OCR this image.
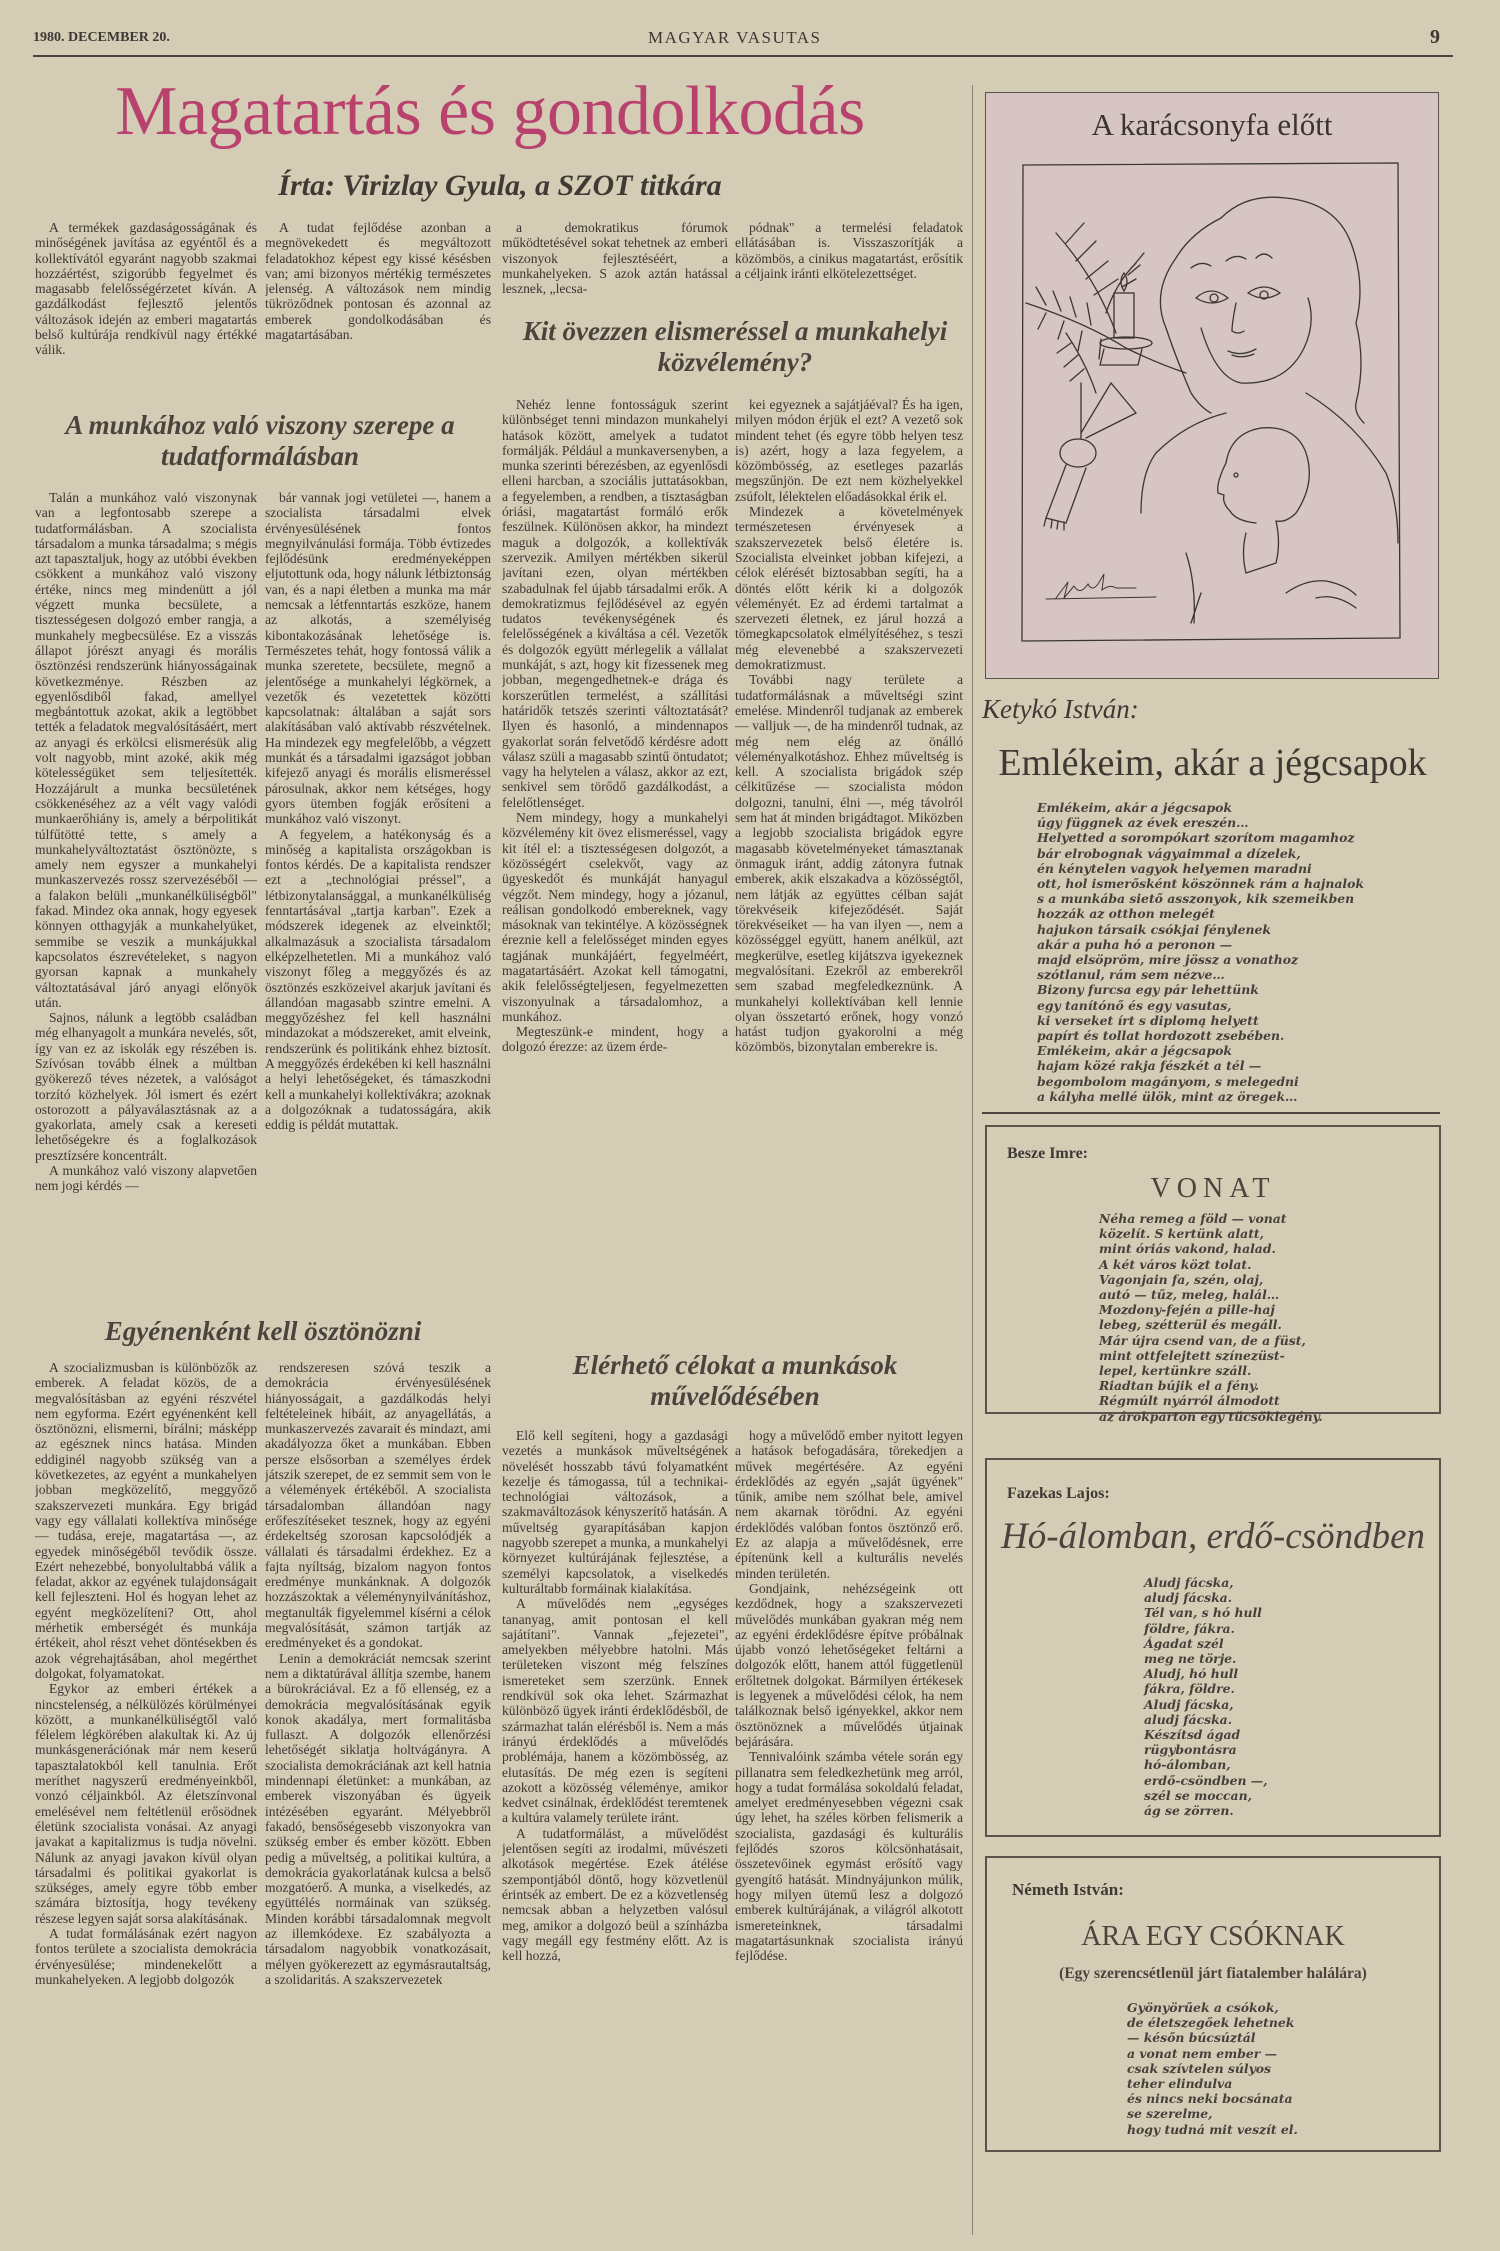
1980. DECEMBER 20.	MAGYAR VASUTAS	9
Magatartás és gondolkodás
Írta: Virizlay Gyula, a SZOT titkára

A termékek gazdaságosságának és minőségének javítása az egyéntől és a kollektívától egyaránt nagyobb szakmai hozzáértést, szigorúbb fegyelmet és magasabb felelősségérzetet kíván. A gazdálkodást fejlesztő jelentős változások idején az emberi magatartás belső kultúrája rendkívül nagy értékké válik.

A tudat fejlődése azonban a megnövekedett és megváltozott feladatokhoz képest egy kissé késésben van; ami bizonyos mértékig természetes jelenség. A változások nem mindig tükröződnek pontosan és azonnal az emberek gondolkodásában és magatartásában.

a demokratikus fórumok működtetésével sokat tehetnek az emberi viszonyok fejlesztéséért, a munkahelyeken. S azok aztán hatással lesznek, „lecsa-

pódnak" a termelési feladatok ellátásában is. Visszaszorítják a közömbös, a cinikus magatartást, erősítik a céljaink iránti elkötelezettséget.

A munkához való viszony szerepe a tudatformálásban

Talán a munkához való viszonynak van a legfontosabb szerepe a tudatformálásban. A szocialista társadalom a munka társadalma; s mégis azt tapasztaljuk, hogy az utóbbi években csökkent a munkához való viszony értéke, nincs meg mindenütt a jól végzett munka becsülete, a tisztességesen dolgozó ember rangja, a munkahely megbecsülése. Ez a visszás állapot jórészt anyagi és morális ösztönzési rendszerünk hiányosságainak következménye. Részben az egyenlősdiből fakad, amellyel megbántottuk azokat, akik a legtöbbet tették a feladatok megvalósításáért, mert az anyagi és erkölcsi elismerésük alig volt nagyobb, mint azoké, akik még kötelességüket sem teljesítették. Hozzájárult a munka becsületének csökkenéséhez az a vélt vagy valódi munkaerőhiány is, amely a bérpolitikát túlfűtötté tette, s amely a munkahelyváltoztatást ösztönözte, s amely nem egyszer a munkahelyi munkaszervezés rossz szervezéséből — a falakon belüli „munkanélküliségből" fakad. Mindez oka annak, hogy egyesek könnyen otthagyják a munkahelyüket, semmibe se veszik a munkájukkal kapcsolatos észrevételeket, s nagyon gyorsan kapnak a munkahely változtatásával járó anyagi előnyök után.

Sajnos, nálunk a legtöbb családban még elhanyagolt a munkára nevelés, sőt, így van ez az iskolák egy részében is. Szívósan tovább élnek a múltban gyökerező téves nézetek, a valóságot torzító közhelyek. Jól ismert és ezért ostorozott a pályaválasztásnak az a gyakorlata, amely csak a kereseti lehetőségekre és a foglalkozások presztízsére koncentrált.

A munkához való viszony alapvetően nem jogi kérdés —

bár vannak jogi vetületei —, hanem a szocialista társadalmi elvek érvényesülésének fontos megnyilvánulási formája. Több évtizedes fejlődésünk eredményeképpen eljutottunk oda, hogy nálunk létbiztonság van, és a napi életben a munka ma már nemcsak a létfenntartás eszköze, hanem az alkotás, a személyiség kibontakozásának lehetősége is. Természetes tehát, hogy fontossá válik a munka szeretete, becsülete, megnő a jelentősége a munkahelyi légkörnek, a vezetők és vezetettek közötti kapcsolatnak: általában a saját sors alakításában való aktívabb részvételnek. Ha mindezek egy megfelelőbb, a végzett munkát és a társadalmi igazságot jobban kifejező anyagi és morális elismeréssel párosulnak, akkor nem kétséges, hogy gyors ütemben fogják erősíteni a munkához való viszonyt.

A fegyelem, a hatékonyság és a minőség a kapitalista országokban is fontos kérdés. De a kapitalista rendszer ezt a „technológiai préssel", a létbizonytalansággal, a munkanélküliség fenntartásával „tartja karban". Ezek a módszerek idegenek az elveinktől; alkalmazásuk a szocialista társadalom elképzelhetetlen. Mi a munkához való viszonyt főleg a meggyőzés és az ösztönzés eszközeivel akarjuk javítani és állandóan magasabb szintre emelni. A meggyőzéshez fel kell használni mindazokat a módszereket, amit elveink, rendszerünk és politikánk ehhez biztosít. A meggyőzés érdekében ki kell használni a helyi lehetőségeket, és támaszkodni kell a munkahelyi kollektívákra; azoknak a dolgozóknak a tudatosságára, akik eddig is példát mutattak.

Kit övezzen elismeréssel a munkahelyi közvélemény?

Nehéz lenne fontosságuk szerint különbséget tenni mindazon munkahelyi hatások között, amelyek a tudatot formálják. Például a munkaversenyben, a munka szerinti bérezésben, az egyenlősdi elleni harcban, a szociális juttatásokban, a fegyelemben, a rendben, a tisztaságban óriási, magatartást formáló erők feszülnek. Különösen akkor, ha mindezt maguk a dolgozók, a kollektívák szervezik. Amilyen mértékben sikerül javítani ezen, olyan mértékben szabadulnak fel újabb társadalmi erők. A demokratizmus fejlődésével az egyén tudatos tevékenységének és felelősségének a kiváltása a cél. Vezetők és dolgozók együtt mérlegelik a vállalat munkáját, s azt, hogy kit fizessenek meg jobban, megengedhetnek-e drága és korszerűtlen termelést, a szállítási határidők tetszés szerinti változtatását? Ilyen és hasonló, a mindennapos gyakorlat során felvetődő kérdésre adott válasz szüli a magasabb szintű öntudatot; vagy ha helytelen a válasz, akkor az ezt, senkivel sem törődő gazdálkodást, a felelőtlenséget.

Nem mindegy, hogy a munkahelyi közvélemény kit övez elismeréssel, vagy kit ítél el: a tisztességesen dolgozót, a közösségért cselekvőt, vagy az ügyeskedőt és munkáját hanyagul végzőt. Nem mindegy, hogy a józanul, reálisan gondolkodó embereknek, vagy másoknak van tekintélye. A közösségnek éreznie kell a felelősséget minden egyes tagjának munkájáért, fegyelméért, magatartásáért. Azokat kell támogatni, akik felelősségteljesen, fegyelmezetten viszonyulnak a társadalomhoz, a munkához.

Megteszünk-e mindent, hogy a dolgozó érezze: az üzem érde-

kei egyeznek a sajátjáéval? És ha igen, milyen módon érjük el ezt? A vezető sok mindent tehet (és egyre több helyen tesz is) azért, hogy a laza fegyelem, a közömbösség, az esetleges pazarlás megszűnjön. De ezt nem közhelyekkel zsúfolt, lélektelen előadásokkal érik el.

Mindezek a követelmények természetesen érvényesek a szakszervezetek belső életére is. Szocialista elveinket jobban kifejezi, a célok elérését biztosabban segíti, ha a döntés előtt kérik ki a dolgozók véleményét. Ez ad érdemi tartalmat a szervezeti életnek, ez járul hozzá a tömegkapcsolatok elmélyítéséhez, s teszi még elevenebbé a szakszervezeti demokratizmust.

További nagy területe a tudatformálásnak a műveltségi szint emelése. Mindenről tudjanak az emberek — valljuk —, de ha mindenről tudnak, az még nem elég az önálló véleményalkotáshoz. Ehhez műveltség is kell. A szocialista brigádok szép célkitűzése — szocialista módon dolgozni, tanulni, élni —, még távolról sem hat át minden brigádtagot. Miközben a legjobb szocialista brigádok egyre magasabb követelményeket támasztanak önmaguk iránt, addig zátonyra futnak emberek, akik elszakadva a közösségtől, nem látják az együttes célban saját törekvéseik kifejeződését. Saját törekvéseiket — ha van ilyen —, nem a közösséggel együtt, hanem anélkül, azt megkerülve, esetleg kijátszva igyekeznek megvalósítani. Ezekről az emberekről sem szabad megfeledkeznünk. A munkahelyi kollektívában kell lennie olyan összetartó erőnek, hogy vonzó hatást tudjon gyakorolni a még közömbös, bizonytalan emberekre is.

Egyénenként kell ösztönözni

A szocializmusban is különbözők az emberek. A feladat közös, de a megvalósításban az egyéni részvétel nem egyforma. Ezért egyénenként kell ösztönözni, elismerni, bírálni; másképp az egésznek nincs hatása. Minden eddiginél nagyobb szükség van a következetes, az egyént a munkahelyen jobban megközelítő, meggyőző szakszervezeti munkára. Egy brigád vagy egy vállalati kollektíva minősége — tudása, ereje, magatartása —, az egyedek minőségéből tevődik össze. Ezért nehezebbé, bonyolultabbá válik a feladat, akkor az egyének tulajdonságait kell fejleszteni. Hol és hogyan lehet az egyént megközelíteni? Ott, ahol mérhetik emberségét és munkája értékeit, ahol részt vehet döntésekben és azok végrehajtásában, ahol megérthet dolgokat, folyamatokat.

Egykor az emberi értékek a nincstelenség, a nélkülözés körülményei között, a munkanélküliségtől való félelem légkörében alakultak ki. Az új munkásgenerációnak már nem keserű tapasztalatokból kell tanulnia. Erőt meríthet nagyszerű eredményeinkből, vonzó céljainkból. Az életszínvonal emelésével nem feltétlenül erősödnek életünk szocialista vonásai. Az anyagi javakat a kapitalizmus is tudja növelni. Nálunk az anyagi javakon kívül olyan társadalmi és politikai gyakorlat is szükséges, amely egyre több ember számára biztosítja, hogy tevékeny részese legyen saját sorsa alakításának.

A tudat formálásának ezért nagyon fontos területe a szocialista demokrácia érvényesülése; mindenekelőtt a munkahelyeken. A legjobb dolgozók

rendszeresen szóvá teszik a demokrácia érvényesülésének hiányosságait, a gazdálkodás helyi feltételeinek hibáit, az anyagellátás, a munkaszervezés zavarait és mindazt, ami akadályozza őket a munkában. Ebben persze elsősorban a személyes érdek játszik szerepet, de ez semmit sem von le a vélemények értékéből. A szocialista társadalomban állandóan nagy erőfeszítéseket tesznek, hogy az egyéni érdekeltség szorosan kapcsolódjék a vállalati és társadalmi érdekhez. Ez a fajta nyíltság, bizalom nagyon fontos eredménye munkánknak. A dolgozók hozzászoktak a véleménynyilvánításhoz, megtanulták figyelemmel kísérni a célok megvalósítását, számon tartják az eredményeket és a gondokat.

Lenin a demokráciát nemcsak szerint nem a diktatúrával állítja szembe, hanem a bürokráciával. Ez a fő ellenség, ez a demokrácia megvalósításának egyik konok akadálya, mert formalitásba fullaszt. A dolgozók ellenőrzési lehetőségét siklatja holtvágányra. A szocialista demokráciának azt kell hatnia mindennapi életünket: a munkában, az emberek viszonyában és ügyeik intézésében egyaránt. Mélyebbről fakadó, bensőségesebb viszonyokra van szükség ember és ember között. Ebben pedig a műveltség, a politikai kultúra, a demokrácia gyakorlatának kulcsa a belső mozgatóerő. A munka, a viselkedés, az együttélés normáinak van szükség. Minden korábbi társadalomnak megvolt az illemkódexe. Ez szabályozta a társadalom nagyobbik vonatkozásait, mélyen gyökerezett az egymásrautaltság, a szolidaritás. A szakszervezetek

Elérhető célokat a munkások művelődésében

Elő kell segíteni, hogy a gazdasági vezetés a munkások műveltségének növelését hosszabb távú folyamatként kezelje és támogassa, túl a technikai-technológiai változások, a szakmaváltozások kényszerítő hatásán. A műveltség gyarapításában kapjon nagyobb szerepet a munka, a munkahelyi környezet kultúrájának fejlesztése, a személyi kapcsolatok, a viselkedés kulturáltabb formáinak kialakítása.

A művelődés nem „egységes tananyag, amit pontosan el kell sajátítani". Vannak „fejezetei", amelyekben mélyebbre hatolni. Más területeken viszont még felszínes ismereteket sem szerzünk. Ennek rendkívül sok oka lehet. Származhat különböző ügyek iránti érdeklődésből, de származhat talán elérésből is. Nem a más irányú érdeklődés a művelődés problémája, hanem a közömbösség, az elutasítás. De még ezen is segíteni azokott a közösség véleménye, amikor kedvet csinálnak, érdeklődést teremtenek a kultúra valamely területe iránt.

A tudatformálást, a művelődést jelentősen segíti az irodalmi, művészeti alkotások megértése. Ezek átélése szempontjából döntő, hogy közvetlenül érintsék az embert. De ez a közvetlenség nemcsak abban a helyzetben valósul meg, amikor a dolgozó beül a színházba vagy megáll egy festmény előtt. Az is kell hozzá,

hogy a művelődő ember nyitott legyen a hatások befogadására, törekedjen a művek megértésére. Az egyéni érdeklődés az egyén „saját ügyének" tűnik, amibe nem szólhat bele, amivel nem akarnak törődni. Az egyéni érdeklődés valóban fontos ösztönző erő. Ez az alapja a művelődésnek, erre építenünk kell a kulturális nevelés minden területén.

Gondjaink, nehézségeink ott kezdődnek, hogy a szakszervezeti művelődés munkában gyakran még nem az egyéni érdeklődésre építve próbálnak újabb vonzó lehetőségeket feltárni a dolgozók előtt, hanem attól függetlenül erőltetnek dolgokat. Bármilyen értékesek is legyenek a művelődési célok, ha nem találkoznak belső igényekkel, akkor nem ösztönöznek a művelődés útjainak bejárására.

Tennivalóink számba vétele során egy pillanatra sem feledkezhetünk meg arról, hogy a tudat formálása sokoldalú feladat, amelyet eredményesebben végezni csak úgy lehet, ha széles körben felismerik a szocialista, gazdasági és kulturális fejlődés szoros kölcsönhatásait, összetevőinek egymást erősítő vagy gyengítő hatását. Mindnyájunkon múlik, hogy milyen ütemű lesz a dolgozó emberek kultúrájának, a világról alkotott ismereteinknek, társadalmi magatartásunknak szocialista irányú fejlődése.

A karácsonyfa előtt
Ketykó István:
Emlékeim, akár a jégcsapok
Emlékeim, akár a jégcsapok
úgy függnek az évek ereszén…
Helyetted a sorompókart szorítom magamhoz
bár elrobognak vágyaimmal a dízelek,
én kénytelen vagyok helyemen maradni
ott, hol ismerősként köszönnek rám a hajnalok
s a munkába siető asszonyok, kik szemeikben
hozzák az otthon melegét
hajukon társaik csókjai fénylenek
akár a puha hó a peronon —
majd elsöpröm, mire jössz a vonathoz
szótlanul, rám sem nézve…
Bizony furcsa egy pár lehettünk
egy tanítónő és egy vasutas,
ki verseket írt s diplomą helyett
papírt és tollat hordozott zsebében.
Emlékeim, akár a jégcsapok
hajam közé rakja fészkét a tél —
begombolom magányom, s melegedni
a kályha mellé ülök, mint az öregek…
Besze Imre:
VONAT
Néha remeg a föld — vonat
közelít. S kertünk alatt,
mint óriás vakond, halad.
A két város közt tolat.
Vagonjain fa, szén, olaj,
autó — tűz, meleg, halál…
Mozdony-fején a pille-haj
lebeg, szétterül és megáll.
Már újra csend van, de a füst,
mint ottfelejtett színezüst-
lepel, kertünkre száll.
Riadtan bújik el a fény.
Régmúlt nyárról álmodott
az árokparton egy tücsöklegény.
Fazekas Lajos:
Hó-álomban, erdő-csöndben
Aludj fácska,
aludj fácska.
Tél van, s hó hull
földre, fákra.
Ágadat szél
meg ne törje.
Aludj, hó hull
fákra, földre.
Aludj fácska,
aludj fácska.
Készítsd ágad
rügybontásra
hó-álomban,
erdő-csöndben —,
szél se moccan,
ág se zörren.
Németh István:
ÁRA EGY CSÓKNAK
(Egy szerencsétlenül járt fiatalember halálára)
Gyönyörűek a csókok,
de életszegőek lehetnek
— későn búcsúztál
a vonat nem ember —
csak szívtelen súlyos
teher elindulva
és nincs neki bocsánata
se szerelme,
hogy tudná mit veszít el.
